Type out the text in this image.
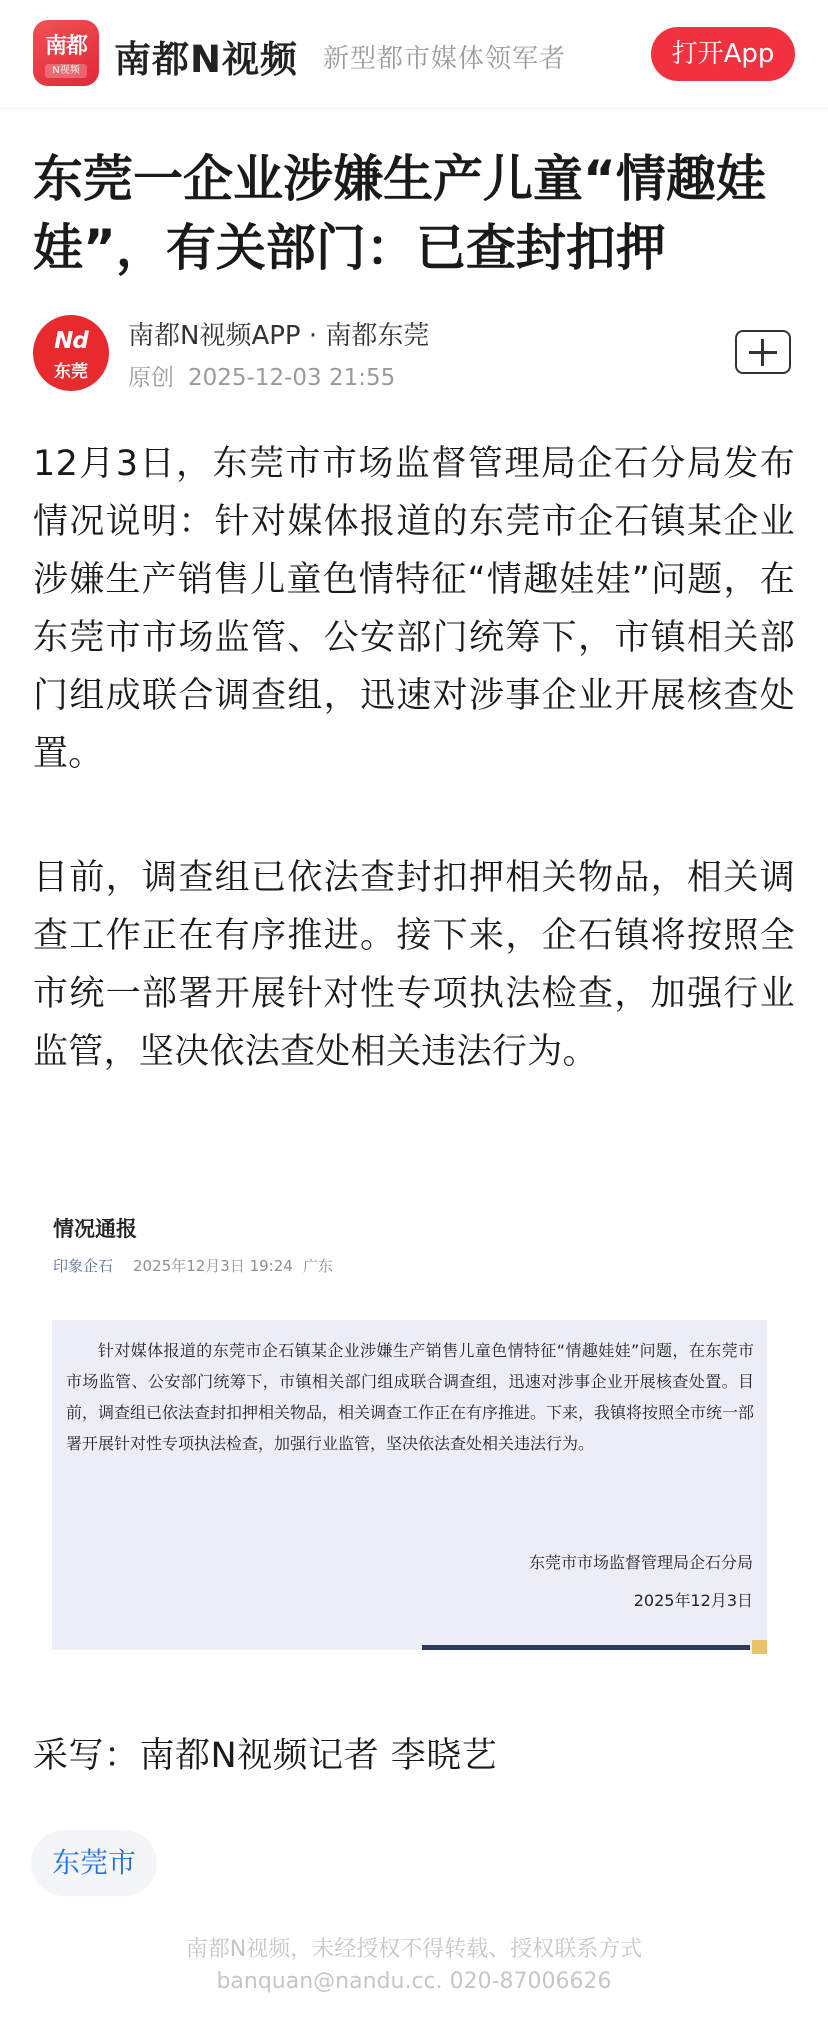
南都
N视频 南都N视频 新型都市媒体领军者	打开App
东莞一企业涉嫌生产儿童“情趣娃娃”，有关部门：已查封扣押
Nd
东莞
南都N视频APP · 南都东莞
原创 2025-12-03 21:55

12月3日，东莞市市场监督管理局企石分局发布情况说明：针对媒体报道的东莞市企石镇某企业涉嫌生产销售儿童色情特征“情趣娃娃”问题，在东莞市市场监管、公安部门统筹下，市镇相关部门组成联合调查组，迅速对涉事企业开展核查处置。

目前，调查组已依法查封扣押相关物品，相关调查工作正在有序推进。接下来，企石镇将按照全市统一部署开展针对性专项执法检查，加强行业监管，坚决依法查处相关违法行为。

情况通报
印象企石 2025年12月3日 19:24 广东

针对媒体报道的东莞市企石镇某企业涉嫌生产销售儿童色情特征“情趣娃娃”问题，在东莞市市场监管、公安部门统筹下，市镇相关部门组成联合调查组，迅速对涉事企业开展核查处置。目前，调查组已依法查封扣押相关物品，相关调查工作正在有序推进。下来，我镇将按照全市统一部署开展针对性专项执法检查，加强行业监管，坚决依法查处相关违法行为。

东莞市市场监督管理局企石分局
2025年12月3日
采写：南都N视频记者 李晓艺
东莞市
南都N视频，未经授权不得转载、授权联系方式
banquan@nandu.cc. 020-87006626
